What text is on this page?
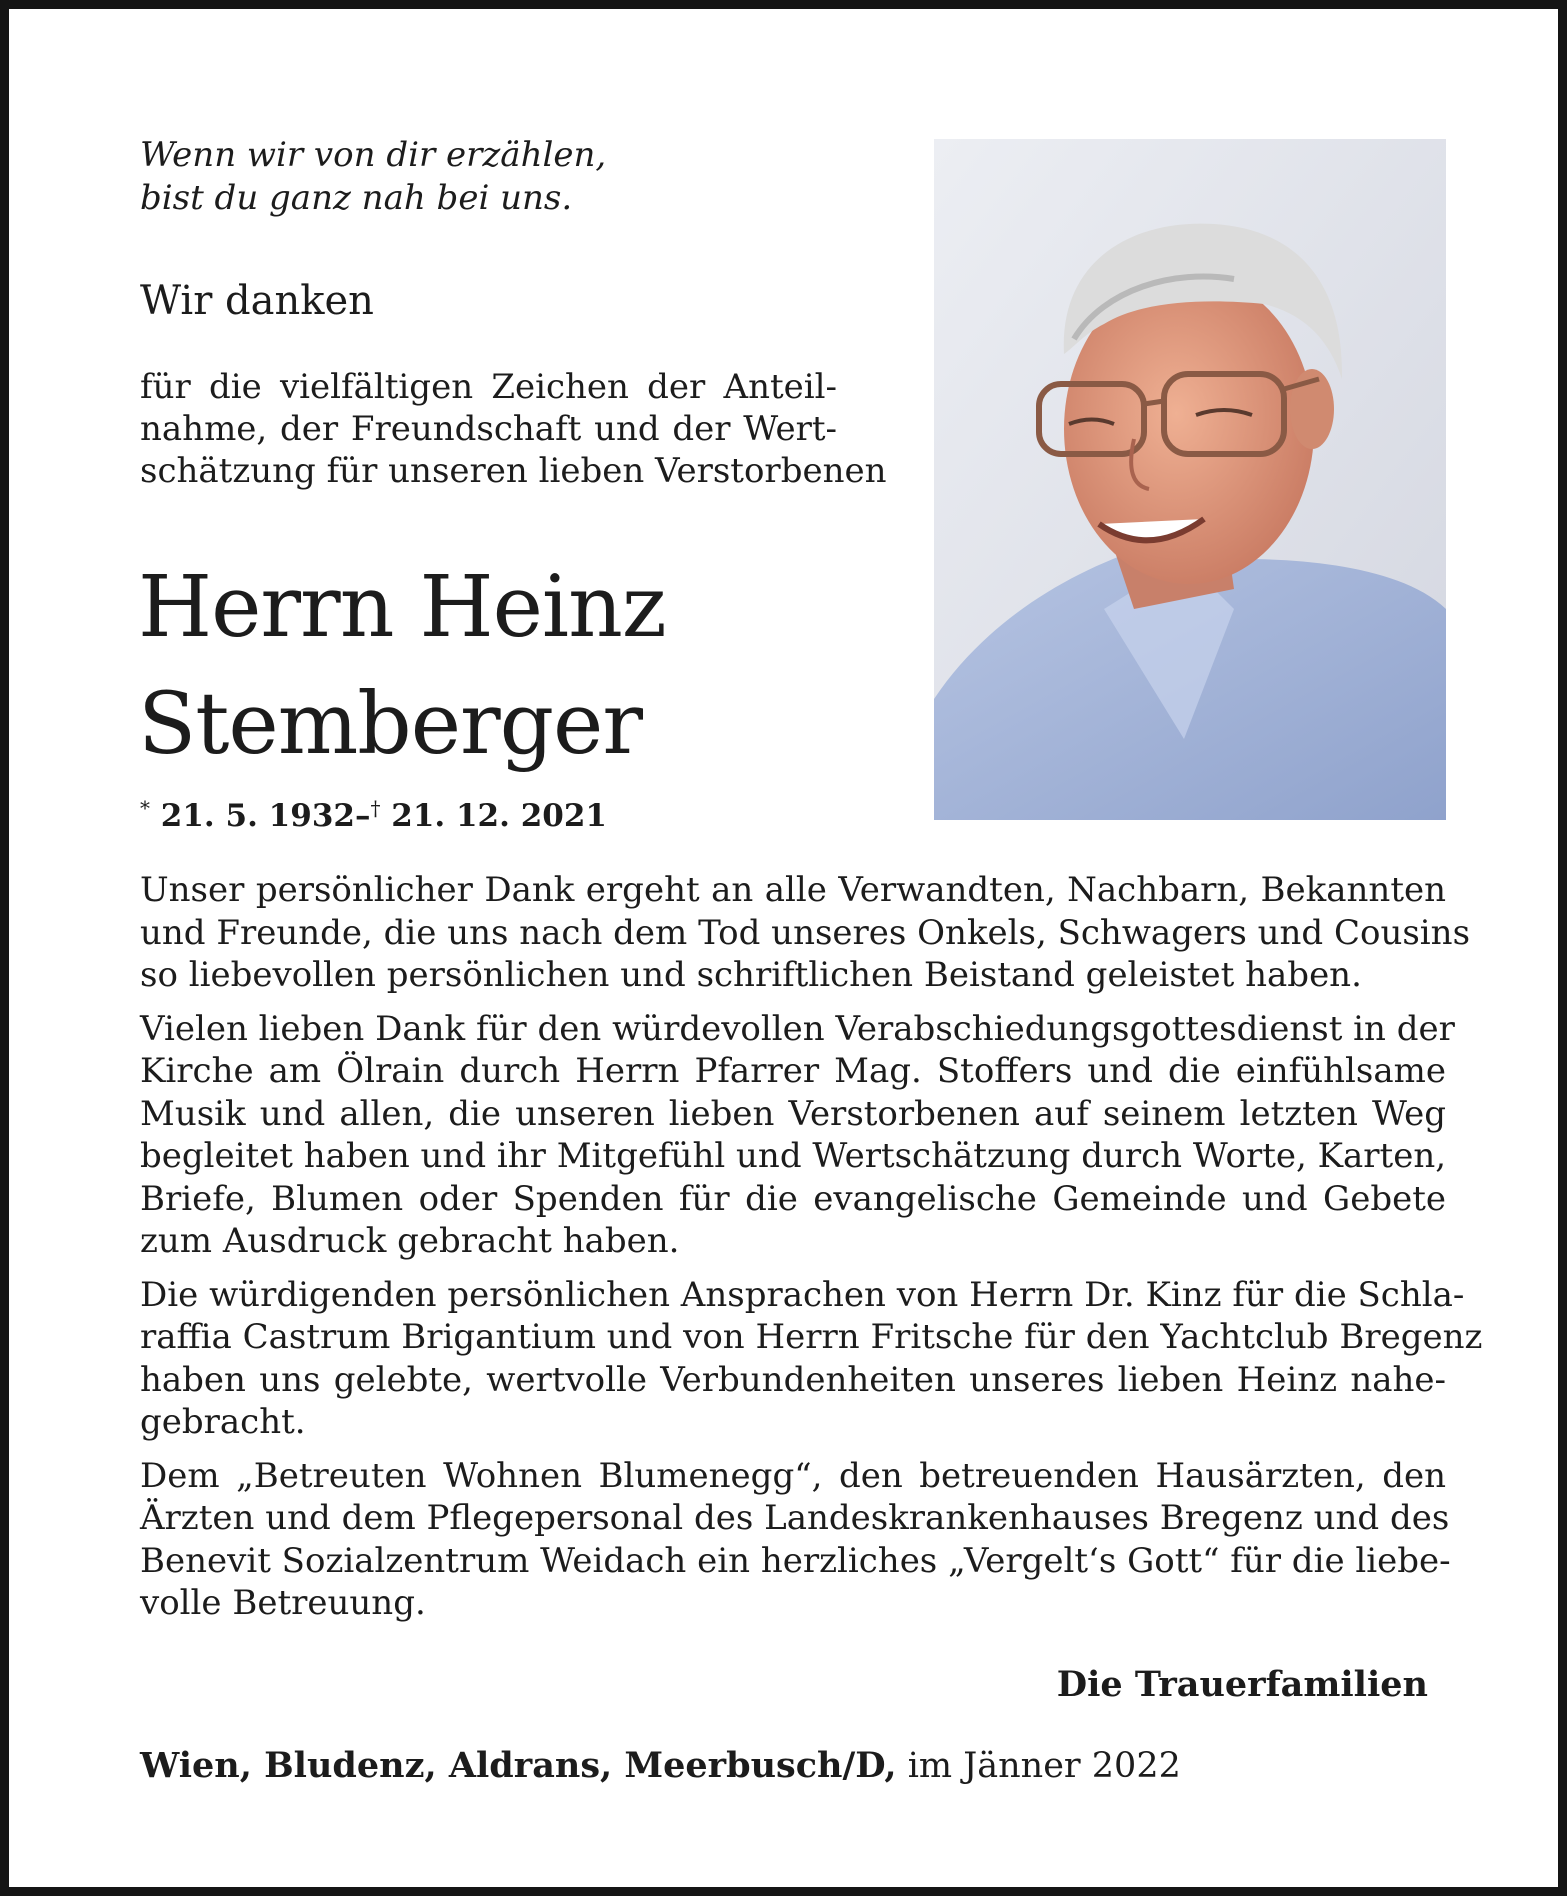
Wenn wir von dir erzählen,
bist du ganz nah bei uns.
Wir danken
für die vielfältigen Zeichen der Anteil-
nahme, der Freundschaft und der Wert-
schätzung für unseren lieben Verstorbenen
Herrn Heinz
Stemberger
* 21. 5. 1932–† 21. 12. 2021

Unser persönlicher Dank ergeht an alle Verwandten, Nachbarn, Bekannten
und Freunde, die uns nach dem Tod unseres Onkels, Schwagers und Cousins
so liebevollen persönlichen und schriftlichen Beistand geleistet haben.

Vielen lieben Dank für den würdevollen Verabschiedungsgottesdienst in der
Kirche am Ölrain durch Herrn Pfarrer Mag. Stoffers und die einfühlsame
Musik und allen, die unseren lieben Verstorbenen auf seinem letzten Weg
begleitet haben und ihr Mitgefühl und Wertschätzung durch Worte, Karten,
Briefe, Blumen oder Spenden für die evangelische Gemeinde und Gebete
zum Ausdruck gebracht haben.

Die würdigenden persönlichen Ansprachen von Herrn Dr. Kinz für die Schla-
raffia Castrum Brigantium und von Herrn Fritsche für den Yachtclub Bregenz
haben uns gelebte, wertvolle Verbundenheiten unseres lieben Heinz nahe-
gebracht.

Dem „Betreuten Wohnen Blumenegg“, den betreuenden Hausärzten, den
Ärzten und dem Pflegepersonal des Landeskrankenhauses Bregenz und des
Benevit Sozialzentrum Weidach ein herzliches „Vergelt‘s Gott“ für die liebe-
volle Betreuung.

Die Trauerfamilien
Wien, Bludenz, Aldrans, Meerbusch/D, im Jänner 2022
